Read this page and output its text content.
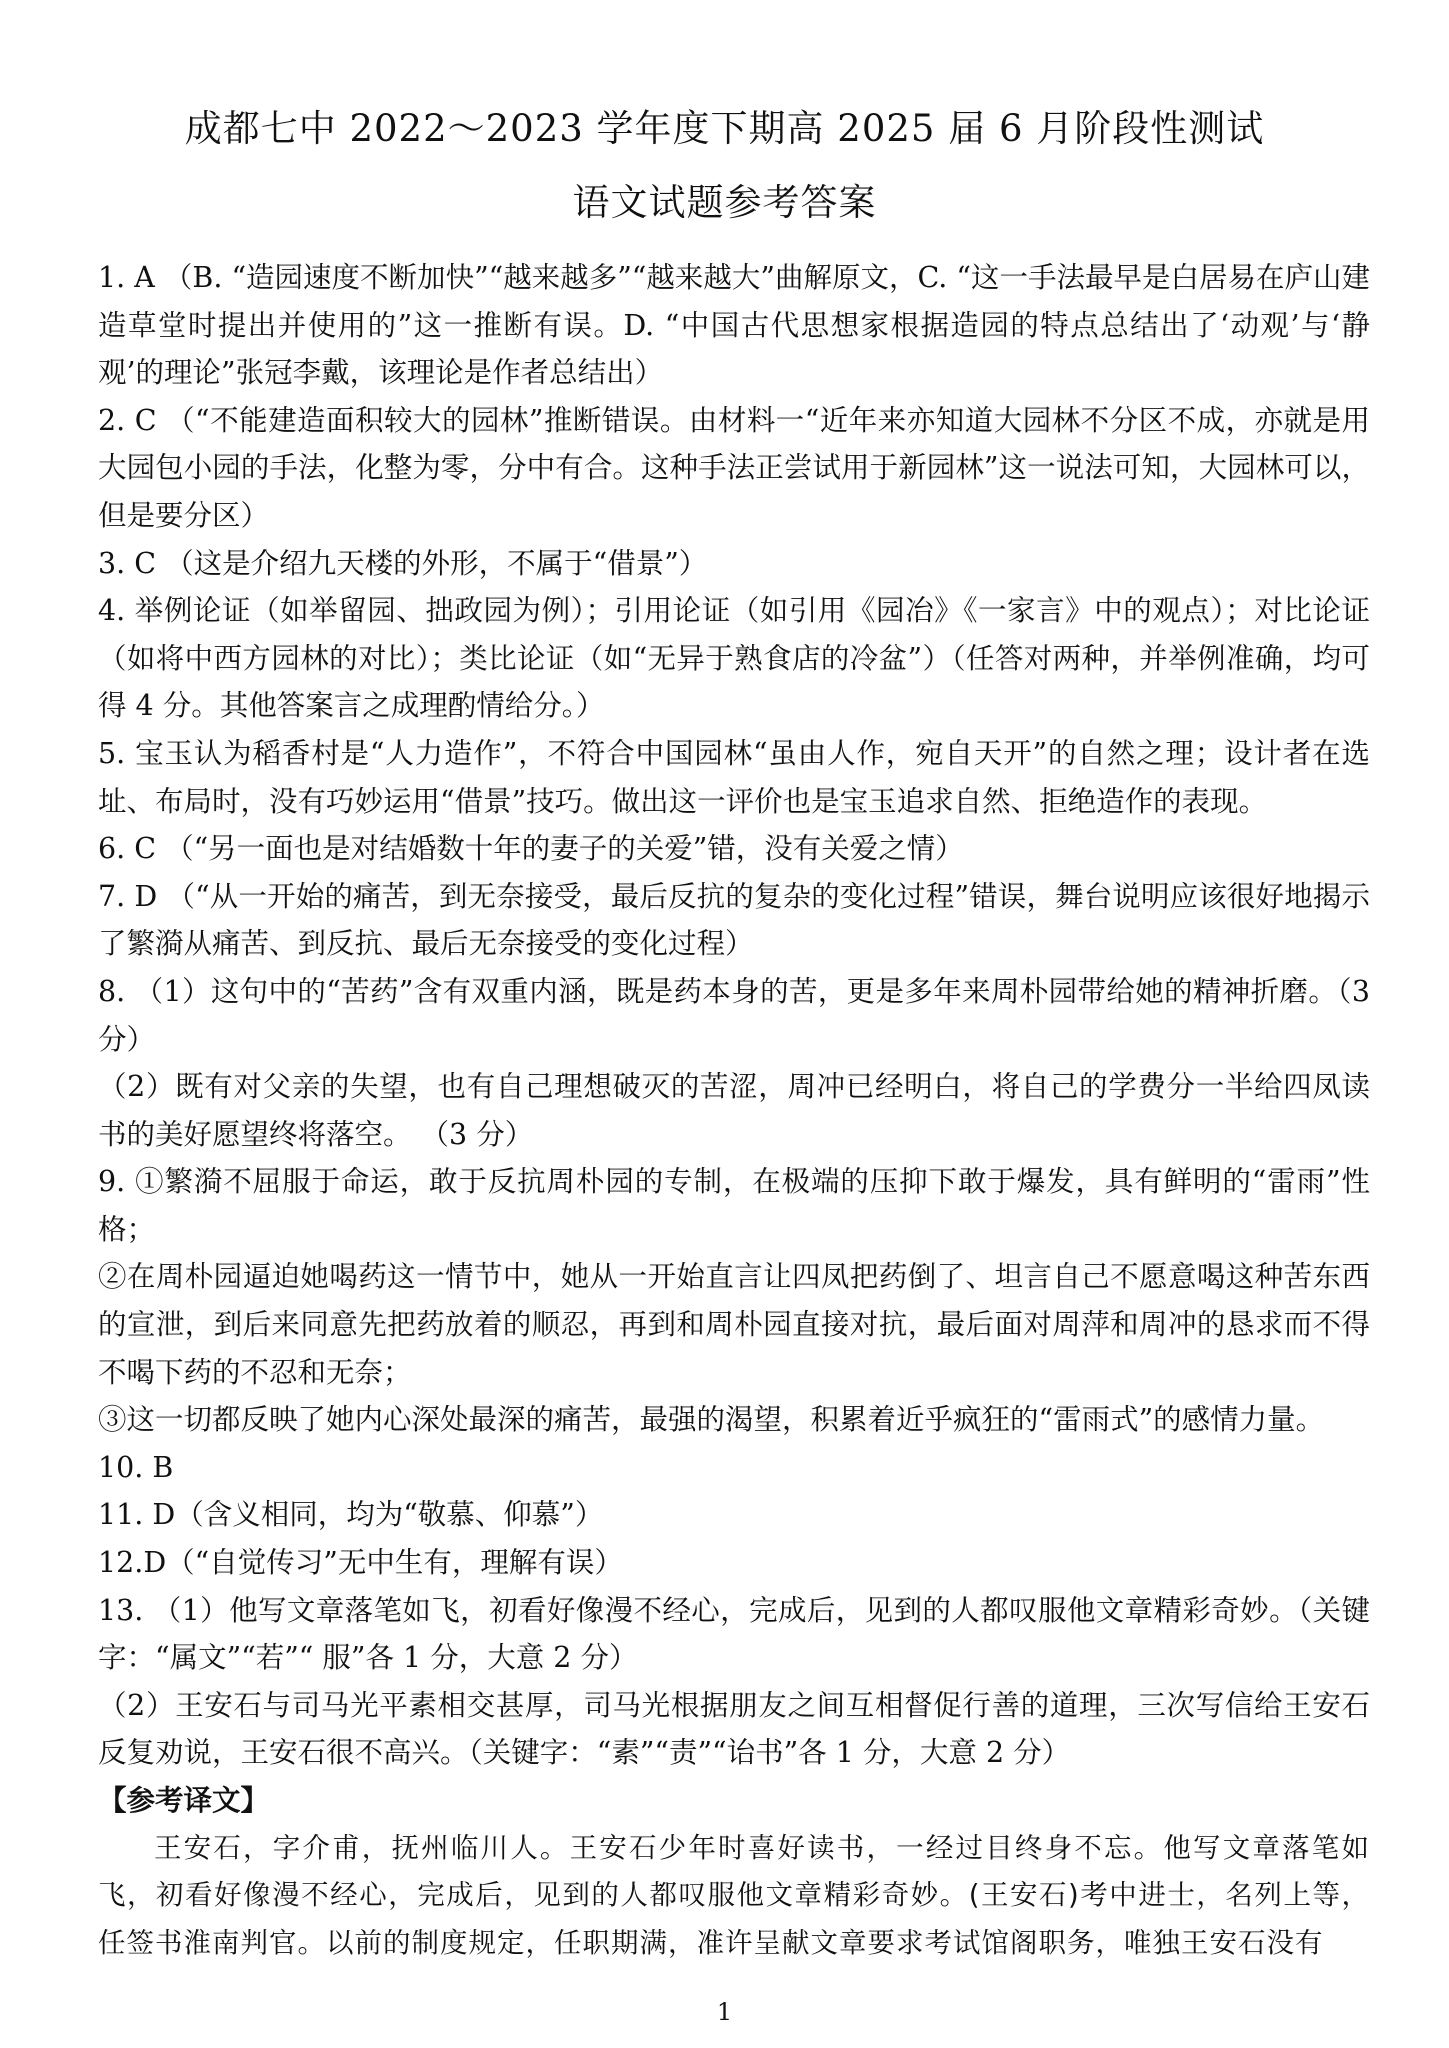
成都七中 2022～2023 学年度下期高 2025 届 6 月阶段性测试
语文试题参考答案

1. A （B. “造园速度不断加快”“越来越多”“越来越大”曲解原文，C. “这一手法最早是白居易在庐山建造草堂时提出并使用的”这一推断有误。D. “中国古代思想家根据造园的特点总结出了‘动观’与‘静观’的理论”张冠李戴，该理论是作者总结出）

2. C （“不能建造面积较大的园林”推断错误。由材料一“近年来亦知道大园林不分区不成，亦就是用大园包小园的手法，化整为零，分中有合。这种手法正尝试用于新园林”这一说法可知，大园林可以，但是要分区）

3. C （这是介绍九天楼的外形，不属于“借景”）

4. 举例论证（如举留园、拙政园为例）；引用论证（如引用《园冶》《一家言》中的观点）；对比论证（如将中西方园林的对比）；类比论证（如“无异于熟食店的冷盆”）（任答对两种，并举例准确，均可得 4 分。其他答案言之成理酌情给分。）

5. 宝玉认为稻香村是“人力造作”，不符合中国园林“虽由人作，宛自天开”的自然之理；设计者在选址、布局时，没有巧妙运用“借景”技巧。做出这一评价也是宝玉追求自然、拒绝造作的表现。

6. C （“另一面也是对结婚数十年的妻子的关爱”错，没有关爱之情）

7. D （“从一开始的痛苦，到无奈接受，最后反抗的复杂的变化过程”错误，舞台说明应该很好地揭示了繁漪从痛苦、到反抗、最后无奈接受的变化过程）

8. （1）这句中的“苦药”含有双重内涵，既是药本身的苦，更是多年来周朴园带给她的精神折磨。（3 分）

（2）既有对父亲的失望，也有自己理想破灭的苦涩，周冲已经明白，将自己的学费分一半给四凤读书的美好愿望终将落空。 （3 分）

9. ①繁漪不屈服于命运，敢于反抗周朴园的专制，在极端的压抑下敢于爆发，具有鲜明的“雷雨”性格；

②在周朴园逼迫她喝药这一情节中，她从一开始直言让四凤把药倒了、坦言自己不愿意喝这种苦东西的宣泄，到后来同意先把药放着的顺忍，再到和周朴园直接对抗，最后面对周萍和周冲的恳求而不得不喝下药的不忍和无奈；

③这一切都反映了她内心深处最深的痛苦，最强的渴望，积累着近乎疯狂的“雷雨式”的感情力量。

10. B

11. D（含义相同，均为“敬慕、仰慕”）

12.D（“自觉传习”无中生有，理解有误）

13. （1）他写文章落笔如飞，初看好像漫不经心，完成后，见到的人都叹服他文章精彩奇妙。（关键字：“属文”“若”“ 服”各 1 分，大意 2 分）

（2）王安石与司马光平素相交甚厚，司马光根据朋友之间互相督促行善的道理，三次写信给王安石反复劝说，王安石很不高兴。（关键字：“素”“责”“诒书”各 1 分，大意 2 分）

【参考译文】

王安石，字介甫，抚州临川人。王安石少年时喜好读书，一经过目终身不忘。他写文章落笔如飞，初看好像漫不经心，完成后，见到的人都叹服他文章精彩奇妙。(王安石)考中进士，名列上等，任签书淮南判官。以前的制度规定，任职期满，准许呈献文章要求考试馆阁职务，唯独王安石没有

1
